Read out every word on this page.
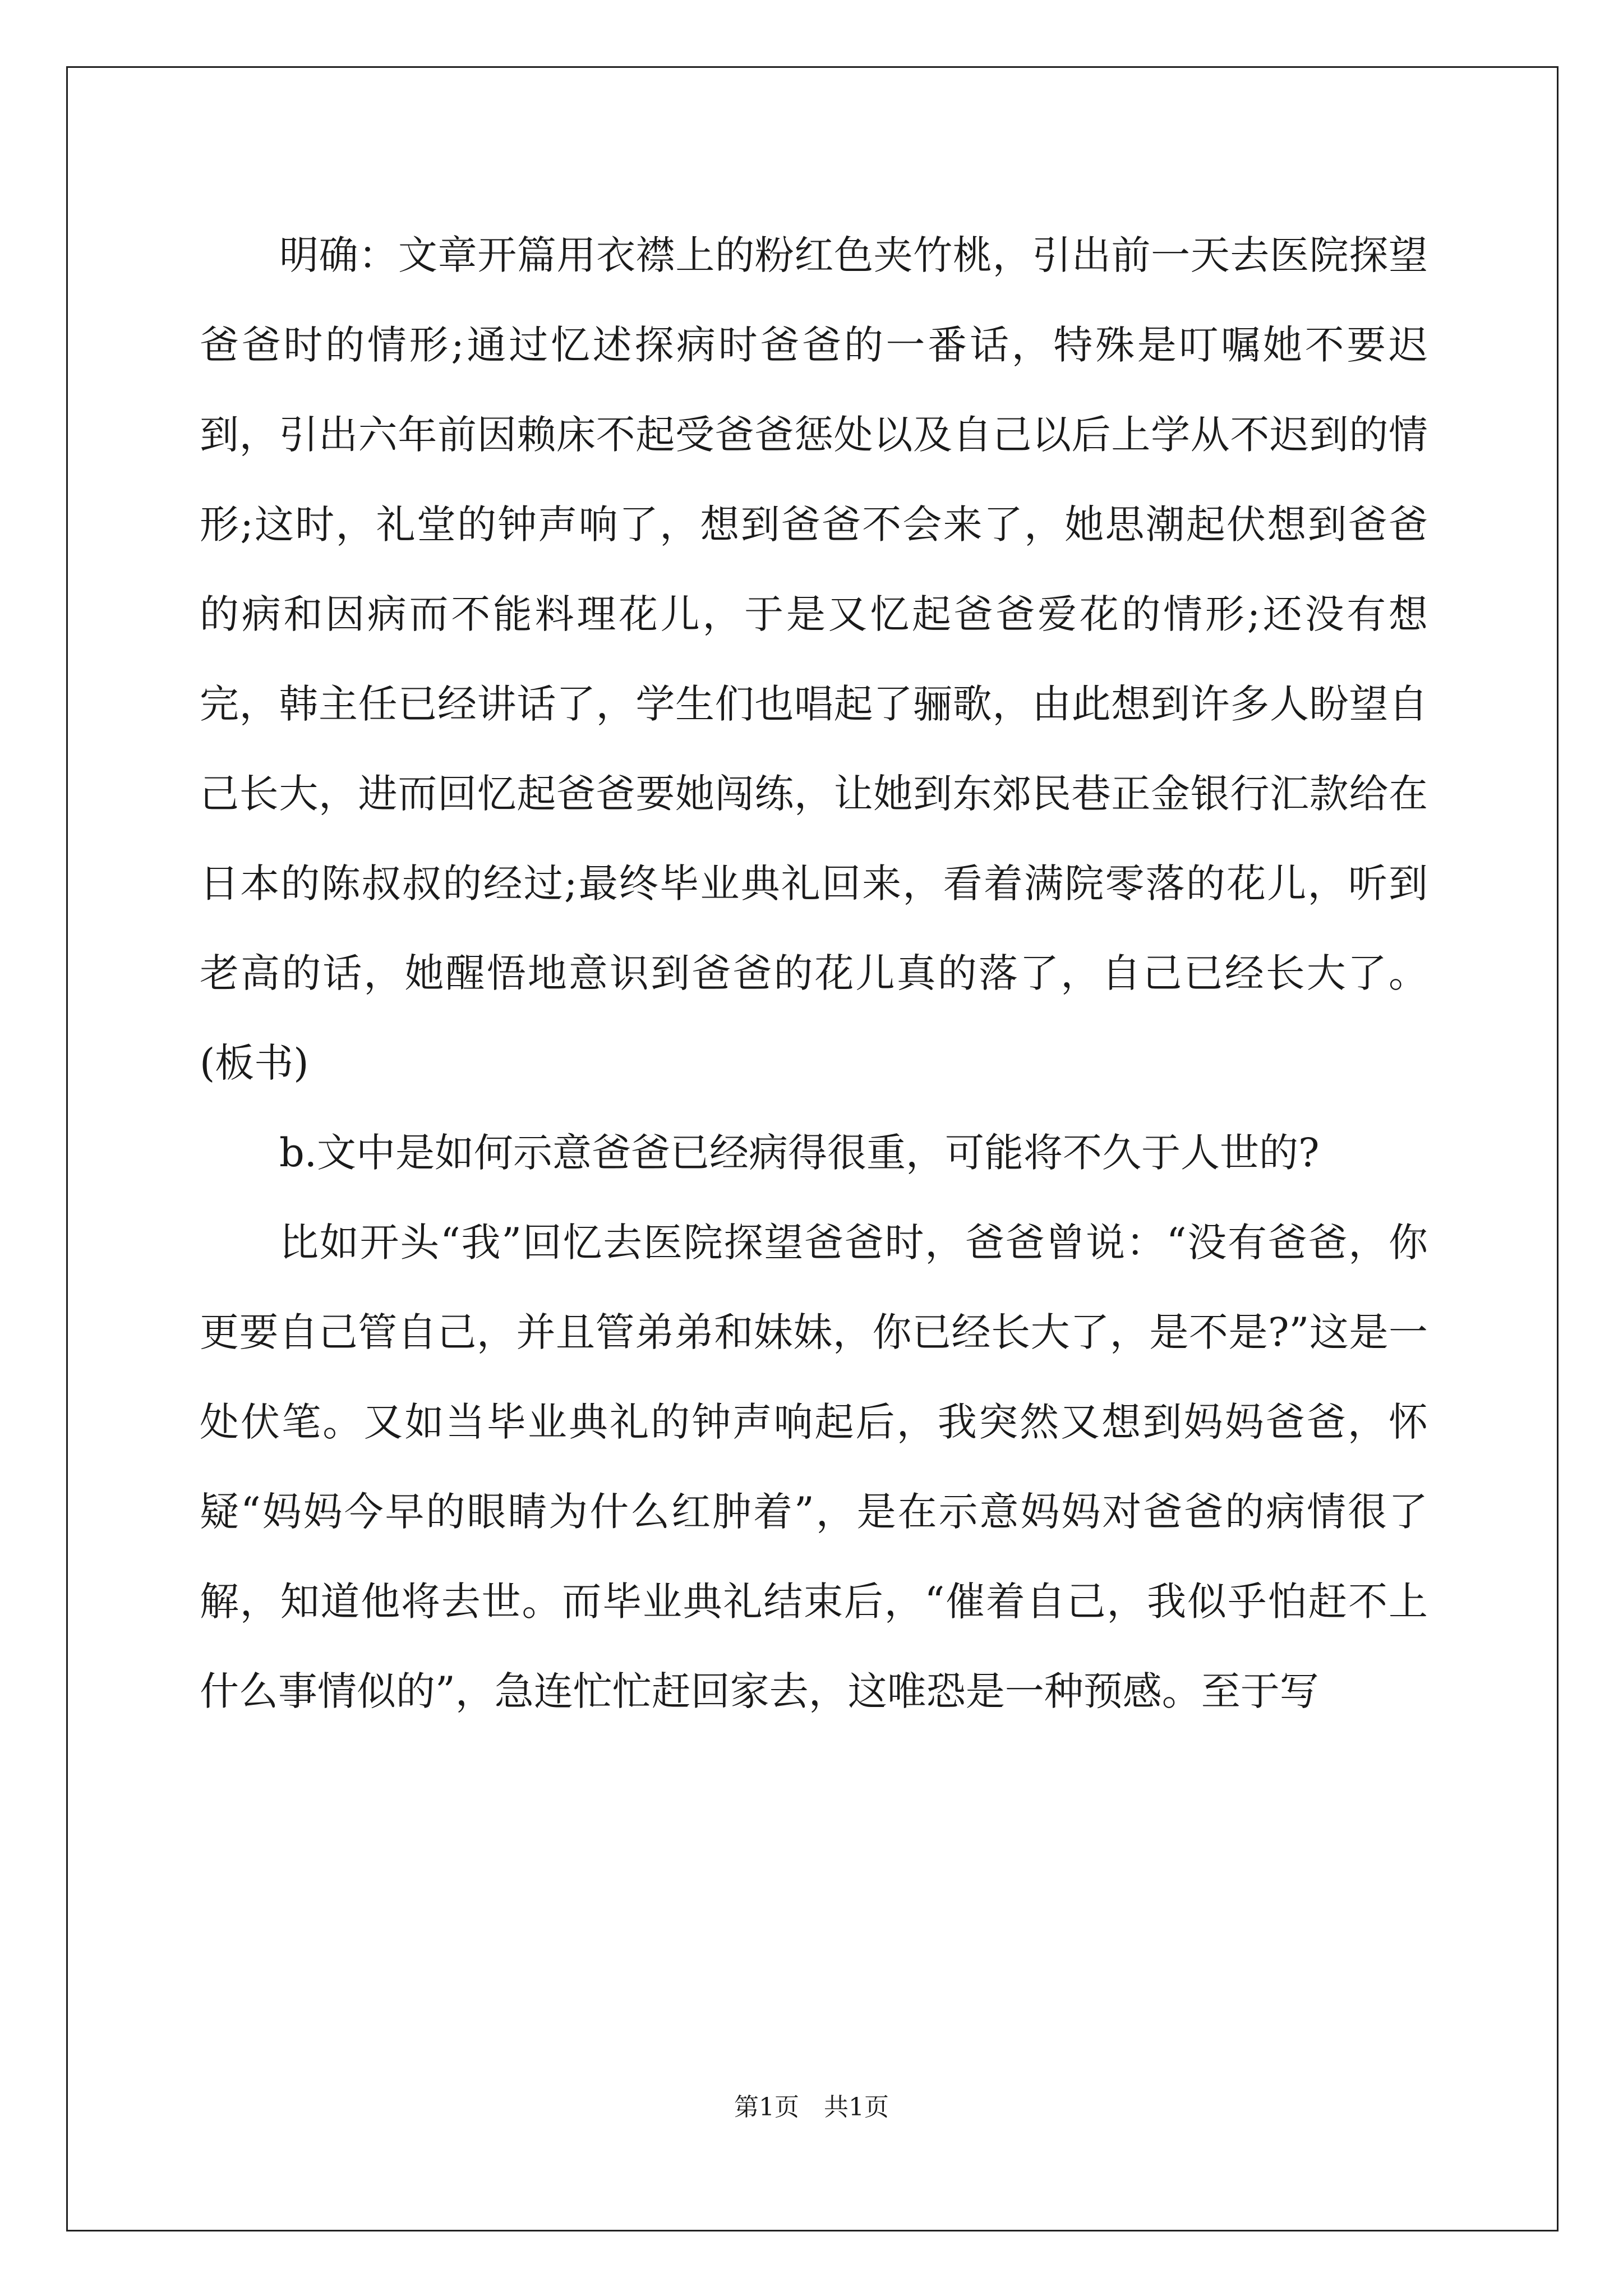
明确：文章开篇用衣襟上的粉红色夹竹桃，引出前一天去医院探望爸爸时的情形;通过忆述探病时爸爸的一番话，特殊是叮嘱她不要迟到，引出六年前因赖床不起受爸爸惩处以及自己以后上学从不迟到的情形;这时，礼堂的钟声响了，想到爸爸不会来了，她思潮起伏想到爸爸的病和因病而不能料理花儿，于是又忆起爸爸爱花的情形;还没有想完，韩主任已经讲话了，学生们也唱起了骊歌，由此想到许多人盼望自己长大，进而回忆起爸爸要她闯练，让她到东郊民巷正金银行汇款给在日本的陈叔叔的经过;最终毕业典礼回来，看着满院零落的花儿，听到老高的话，她醒悟地意识到爸爸的花儿真的落了，自己已经长大了。(板书)

b.文中是如何示意爸爸已经病得很重，可能将不久于人世的?

比如开头“我”回忆去医院探望爸爸时，爸爸曾说：“没有爸爸，你更要自己管自己，并且管弟弟和妹妹，你已经长大了，是不是?”这是一处伏笔。又如当毕业典礼的钟声响起后，我突然又想到妈妈爸爸，怀疑“妈妈今早的眼睛为什么红肿着”，是在示意妈妈对爸爸的病情很了解，知道他将去世。而毕业典礼结束后，“催着自己，我似乎怕赶不上什么事情似的”，急连忙忙赶回家去，这唯恐是一种预感。至于写

第1页　共1页
